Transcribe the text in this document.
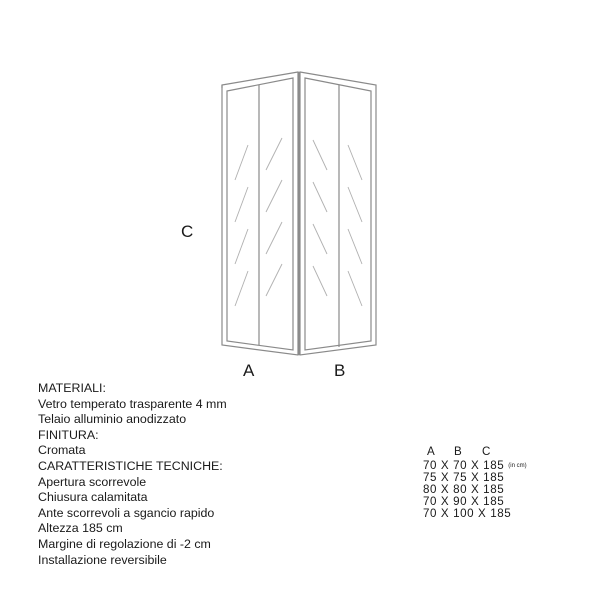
C
A	B
MATERIALI:
Vetro temperato trasparente 4 mm
Telaio alluminio anodizzato
FINITURA:
Cromata
CARATTERISTICHE TECNICHE:
Apertura scorrevole
Chiusura calamitata
Ante scorrevoli a sgancio rapido
Altezza 185 cm
Margine di regolazione di -2 cm
Installazione reversibile
A B C
70 X 70 X 185 (in cm)
75 X 75 X 185
80 X 80 X 185
70 X 90 X 185
70 X 100 X 185
